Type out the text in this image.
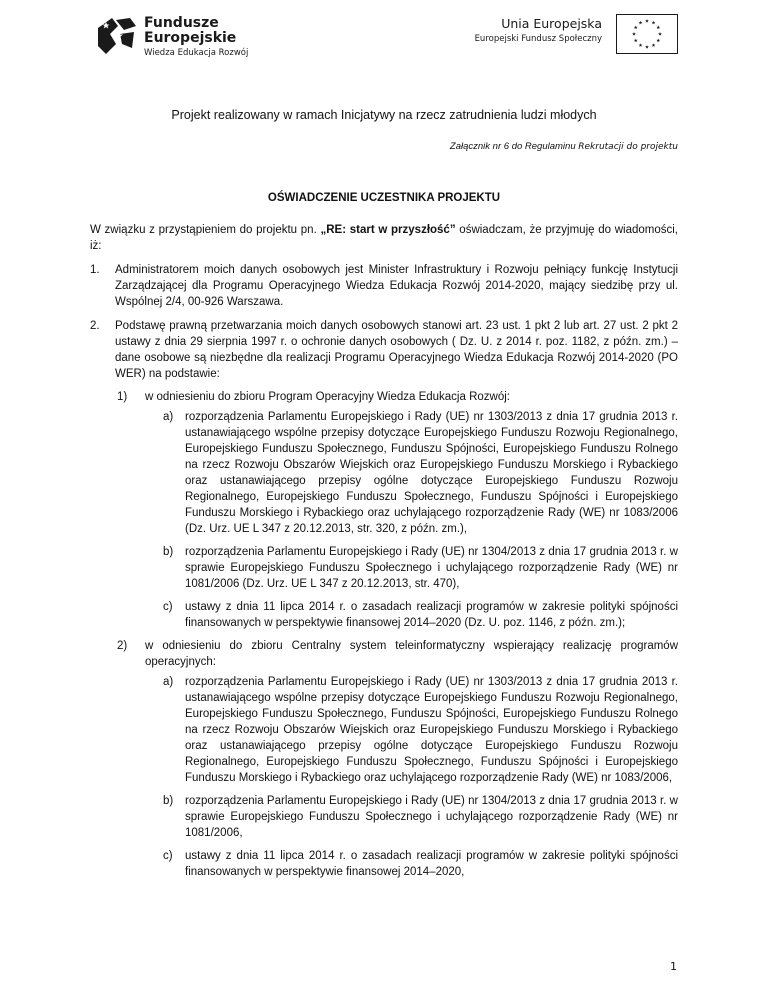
Fundusze
Europejskie
Wiedza Edukacja Rozwój
Unia Europejska
Europejski Fundusz Społeczny
Projekt realizowany w ramach Inicjatywy na rzecz zatrudnienia ludzi młodych
Załącznik nr 6 do Regulaminu Rekrutacji do projektu
OŚWIADCZENIE UCZESTNIKA PROJEKTU

W związku z przystąpieniem do projektu pn. „RE: start w przyszłość” oświadczam, że przyjmuję do wiadomości, iż:

1. Administratorem moich danych osobowych jest Minister Infrastruktury i Rozwoju pełniący funkcję Instytucji Zarządzającej dla Programu Operacyjnego Wiedza Edukacja Rozwój 2014-2020, mający siedzibę przy ul. Wspólnej 2/4, 00-926 Warszawa.

2. Podstawę prawną przetwarzania moich danych osobowych stanowi art. 23 ust. 1 pkt 2 lub art. 27 ust. 2 pkt 2 ustawy z dnia 29 sierpnia 1997 r. o ochronie danych osobowych ( Dz. U. z 2014 r. poz. 1182, z późn. zm.) – dane osobowe są niezbędne dla realizacji Programu Operacyjnego Wiedza Edukacja Rozwój 2014-2020 (PO WER) na podstawie:

1) w odniesieniu do zbioru Program Operacyjny Wiedza Edukacja Rozwój:

a) rozporządzenia Parlamentu Europejskiego i Rady (UE) nr 1303/2013 z dnia 17 grudnia 2013 r. ustanawiającego wspólne przepisy dotyczące Europejskiego Funduszu Rozwoju Regionalnego, Europejskiego Funduszu Społecznego, Funduszu Spójności, Europejskiego Funduszu Rolnego na rzecz Rozwoju Obszarów Wiejskich oraz Europejskiego Funduszu Morskiego i Rybackiego oraz ustanawiającego przepisy ogólne dotyczące Europejskiego Funduszu Rozwoju Regionalnego, Europejskiego Funduszu Społecznego, Funduszu Spójności i Europejskiego Funduszu Morskiego i Rybackiego oraz uchylającego rozporządzenie Rady (WE) nr 1083/2006 (Dz. Urz. UE L 347 z 20.12.2013, str. 320, z późn. zm.),

b) rozporządzenia Parlamentu Europejskiego i Rady (UE) nr 1304/2013 z dnia 17 grudnia 2013 r. w sprawie Europejskiego Funduszu Społecznego i uchylającego rozporządzenie Rady (WE) nr 1081/2006 (Dz. Urz. UE L 347 z 20.12.2013, str. 470),

c) ustawy z dnia 11 lipca 2014 r. o zasadach realizacji programów w zakresie polityki spójności finansowanych w perspektywie finansowej 2014–2020 (Dz. U. poz. 1146, z późn. zm.);

2) w odniesieniu do zbioru Centralny system teleinformatyczny wspierający realizację programów operacyjnych:

a) rozporządzenia Parlamentu Europejskiego i Rady (UE) nr 1303/2013 z dnia 17 grudnia 2013 r. ustanawiającego wspólne przepisy dotyczące Europejskiego Funduszu Rozwoju Regionalnego, Europejskiego Funduszu Społecznego, Funduszu Spójności, Europejskiego Funduszu Rolnego na rzecz Rozwoju Obszarów Wiejskich oraz Europejskiego Funduszu Morskiego i Rybackiego oraz ustanawiającego przepisy ogólne dotyczące Europejskiego Funduszu Rozwoju Regionalnego, Europejskiego Funduszu Społecznego, Funduszu Spójności i Europejskiego Funduszu Morskiego i Rybackiego oraz uchylającego rozporządzenie Rady (WE) nr 1083/2006,

b) rozporządzenia Parlamentu Europejskiego i Rady (UE) nr 1304/2013 z dnia 17 grudnia 2013 r. w sprawie Europejskiego Funduszu Społecznego i uchylającego rozporządzenie Rady (WE) nr 1081/2006,

c) ustawy z dnia 11 lipca 2014 r. o zasadach realizacji programów w zakresie polityki spójności finansowanych w perspektywie finansowej 2014–2020,

1
